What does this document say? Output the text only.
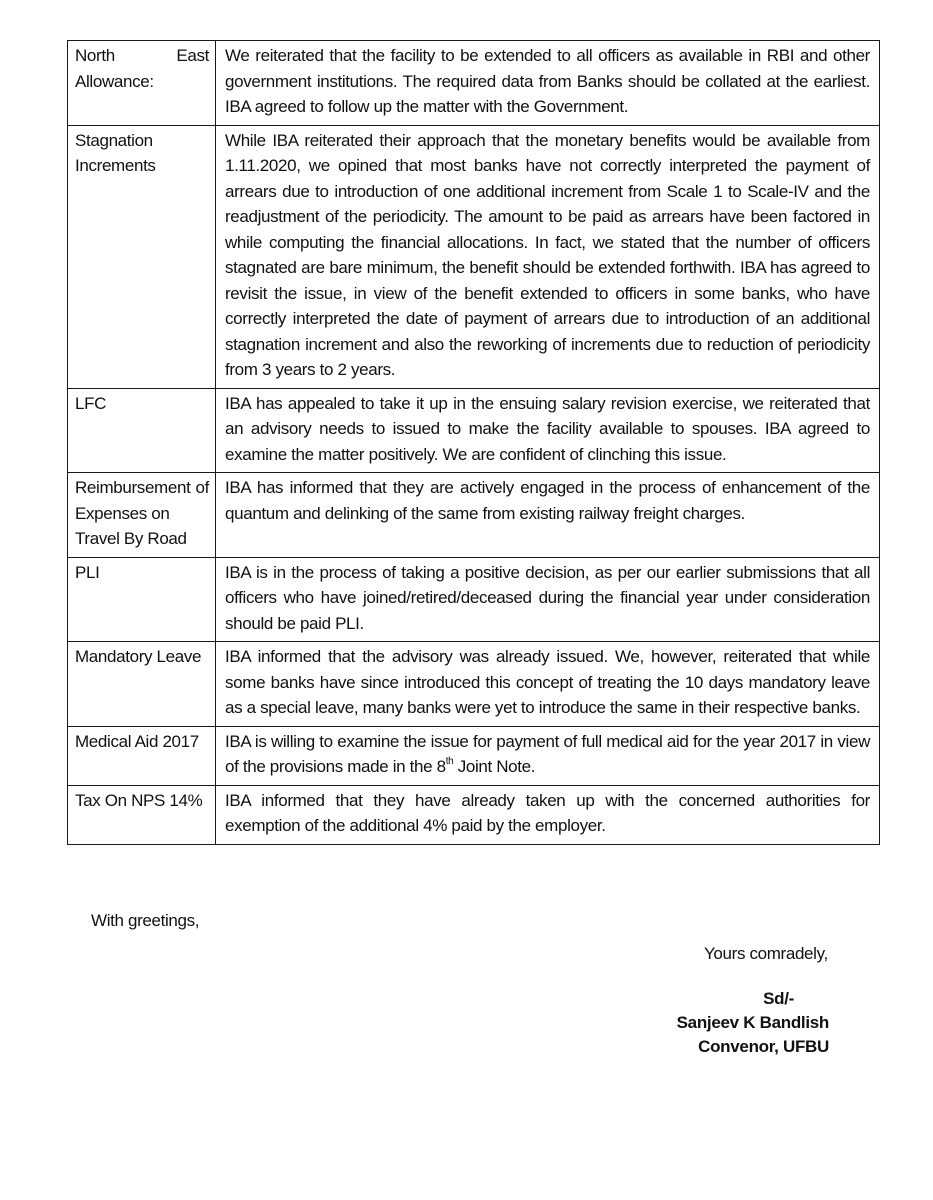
North East
Allowance:	We reiterated that the facility to be extended to all officers as available in RBI and other government institutions. The required data from Banks should be collated at the earliest. IBA agreed to follow up the matter with the Government.

Stagnation
Increments	While IBA reiterated their approach that the monetary benefits would be available from 1.11.2020, we opined that most banks have not correctly interpreted the payment of arrears due to introduction of one additional increment from Scale 1 to Scale-IV and the readjustment of the periodicity. The amount to be paid as arrears have been factored in while computing the financial allocations. In fact, we stated that the number of officers stagnated are bare minimum, the benefit should be extended forthwith. IBA has agreed to revisit the issue, in view of the benefit extended to officers in some banks, who have correctly interpreted the date of payment of arrears due to introduction of an additional stagnation increment and also the reworking of increments due to reduction of periodicity from 3 years to 2 years.
LFC	IBA has appealed to take it up in the ensuing salary revision exercise, we reiterated that an advisory needs to issued to make the facility available to spouses. IBA agreed to examine the matter positively. We are confident of clinching this issue.
Reimbursement of Expenses on
Travel By Road	IBA has informed that they are actively engaged in the process of enhancement of the quantum and delinking of the same from existing railway freight charges.
PLI	IBA is in the process of taking a positive decision, as per our earlier submissions that all officers who have joined/retired/deceased during the financial year under consideration should be paid PLI.
Mandatory Leave	IBA informed that the advisory was already issued. We, however, reiterated that while some banks have since introduced this concept of treating the 10 days mandatory leave as a special leave, many banks were yet to introduce the same in their respective banks.
Medical Aid 2017	IBA is willing to examine the issue for payment of full medical aid for the year 2017 in view of the provisions made in the 8th Joint Note.
Tax On NPS 14%	IBA informed that they have already taken up with the concerned authorities for exemption of the additional 4% paid by the employer.
With greetings,
Yours comradely,
Sd/-
Sanjeev K Bandlish
Convenor, UFBU
